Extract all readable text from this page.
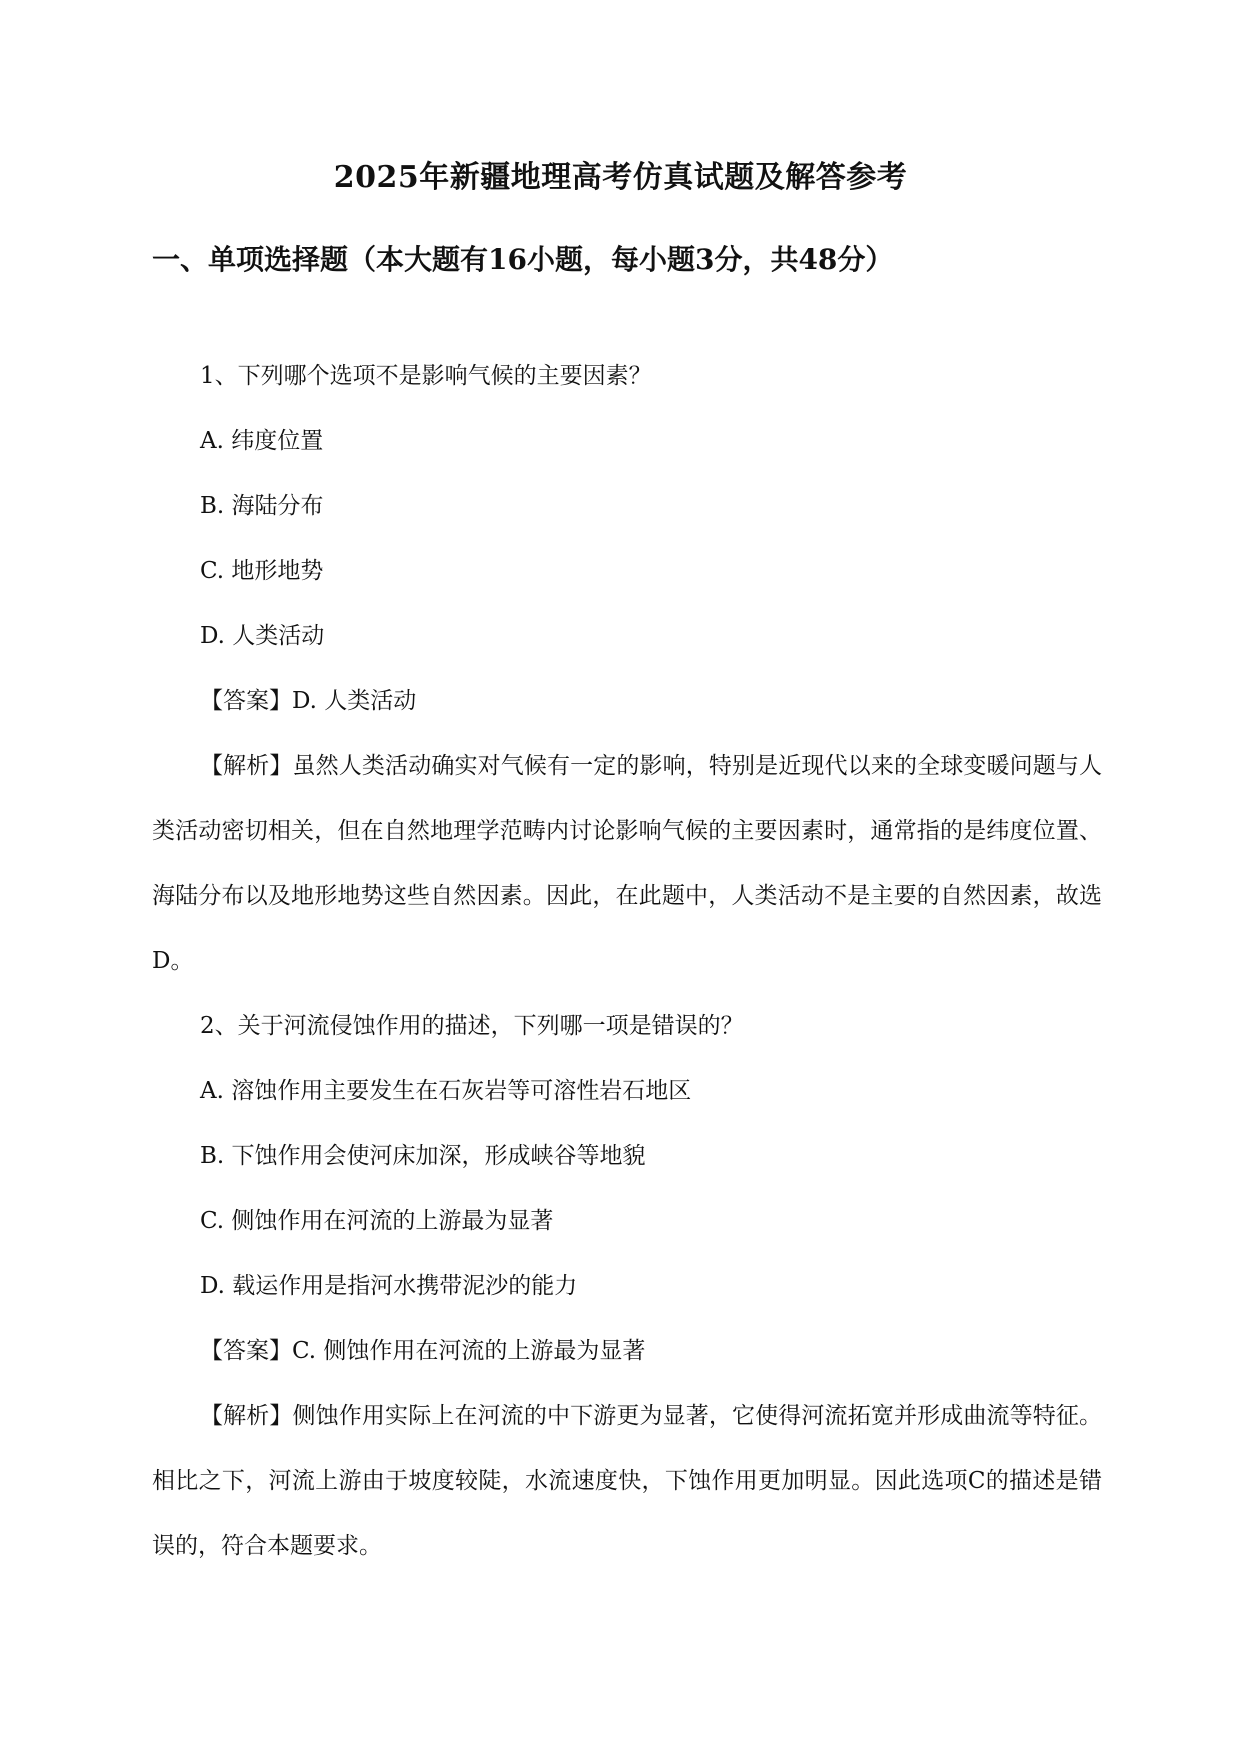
2025年新疆地理高考仿真试题及解答参考
一、单项选择题（本大题有16小题，每小题3分，共48分）

1、下列哪个选项不是影响气候的主要因素？

A. 纬度位置

B. 海陆分布

C. 地形地势

D. 人类活动

【答案】D. 人类活动

【解析】虽然人类活动确实对气候有一定的影响，特别是近现代以来的全球变暖问题与人类活动密切相关，但在自然地理学范畴内讨论影响气候的主要因素时，通常指的是纬度位置、海陆分布以及地形地势这些自然因素。因此，在此题中，人类活动不是主要的自然因素，故选D。

2、关于河流侵蚀作用的描述，下列哪一项是错误的？

A. 溶蚀作用主要发生在石灰岩等可溶性岩石地区

B. 下蚀作用会使河床加深，形成峡谷等地貌

C. 侧蚀作用在河流的上游最为显著

D. 载运作用是指河水携带泥沙的能力

【答案】C. 侧蚀作用在河流的上游最为显著

【解析】侧蚀作用实际上在河流的中下游更为显著，它使得河流拓宽并形成曲流等特征。相比之下，河流上游由于坡度较陡，水流速度快，下蚀作用更加明显。因此选项C的描述是错误的，符合本题要求。
